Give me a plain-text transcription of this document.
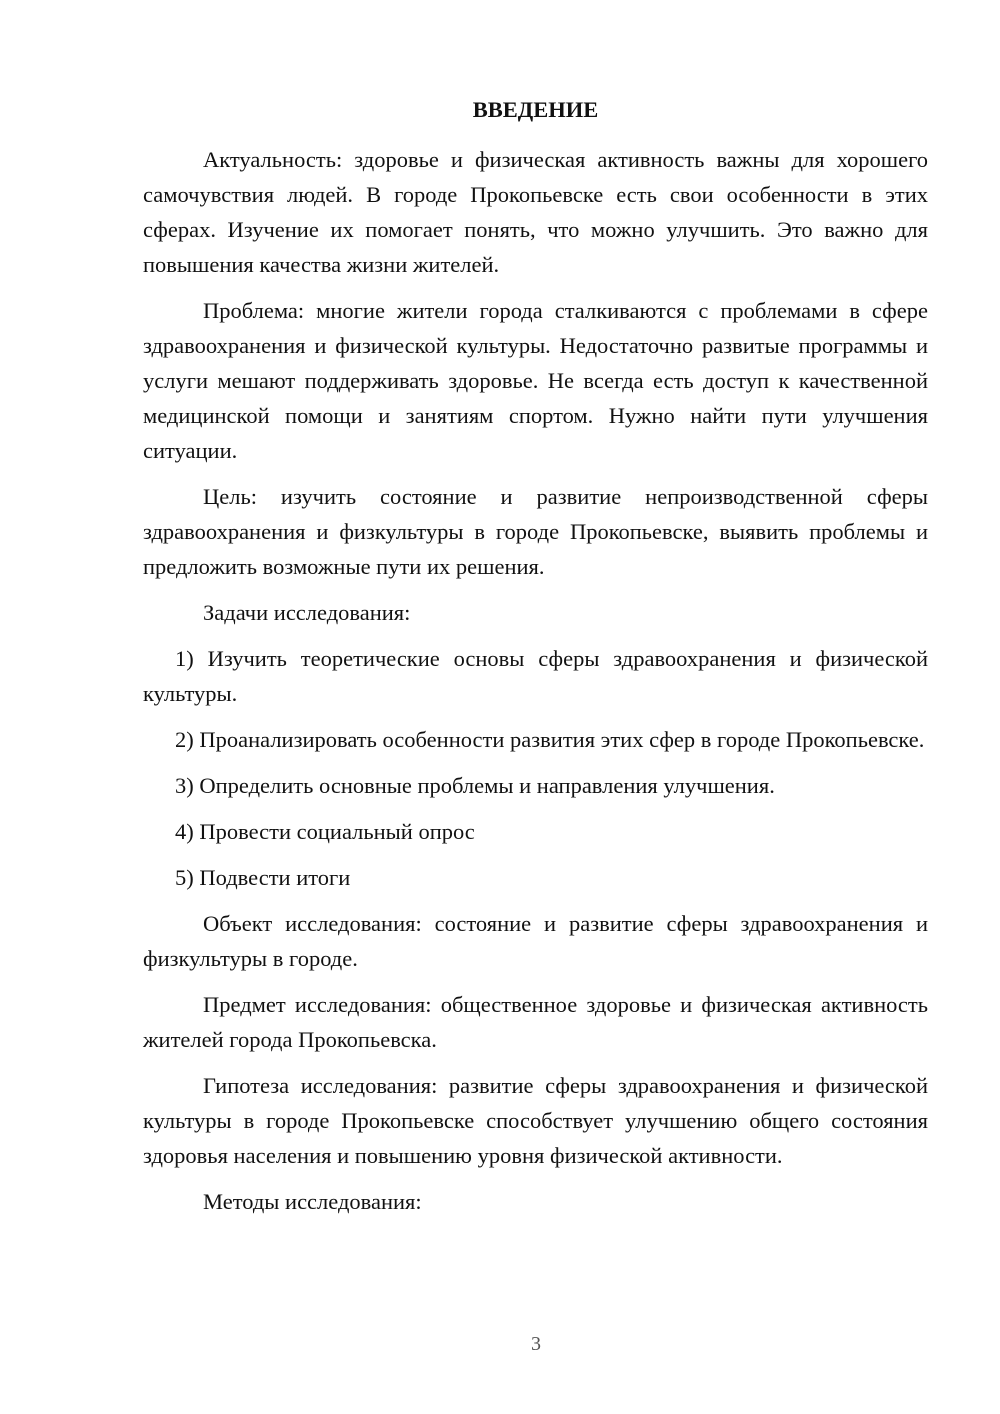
ВВЕДЕНИЕ

Актуальность: здоровье и физическая активность важны для хорошего самочувствия людей. В городе Прокопьевске есть свои особенности в этих сферах. Изучение их помогает понять, что можно улучшить. Это важно для повышения качества жизни жителей.

Проблема: многие жители города сталкиваются с проблемами в сфере здравоохранения и физической культуры. Недостаточно развитые программы и услуги мешают поддерживать здоровье. Не всегда есть доступ к качественной медицинской помощи и занятиям спортом. Нужно найти пути улучшения ситуации.

Цель: изучить состояние и развитие непроизводственной сферы здравоохранения и физкультуры в городе Прокопьевске, выявить проблемы и предложить возможные пути их решения.

Задачи исследования:

1) Изучить теоретические основы сферы здравоохранения и физической культуры.

2) Проанализировать особенности развития этих сфер в городе Прокопьевске.

3) Определить основные проблемы и направления улучшения.

4) Провести социальный опрос

5) Подвести итоги

Объект исследования: состояние и развитие сферы здравоохранения и физкультуры в городе.

Предмет исследования: общественное здоровье и физическая активность жителей города Прокопьевска.

Гипотеза исследования: развитие сферы здравоохранения и физической культуры в городе Прокопьевске способствует улучшению общего состояния здоровья населения и повышению уровня физической активности.

Методы исследования:

3
